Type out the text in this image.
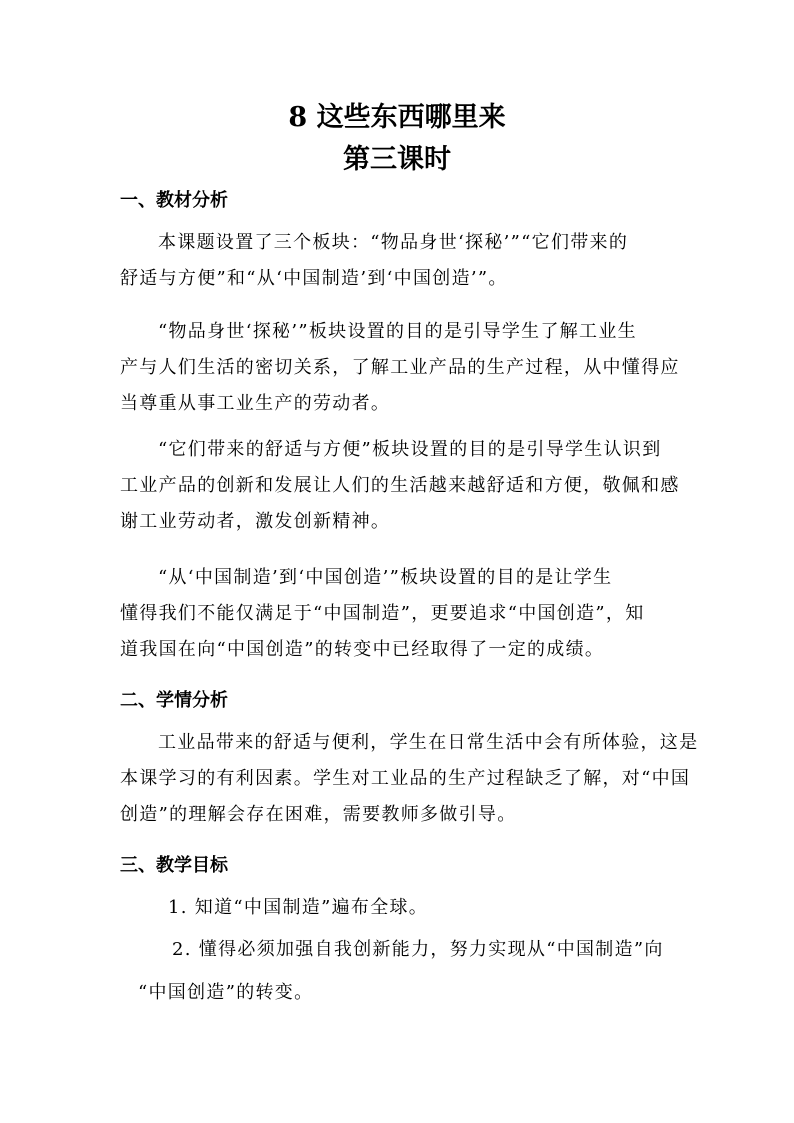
8 这些东西哪里来
第三课时
一、教材分析
本课题设置了三个板块：“物品身世‘探秘’”“它们带来的
舒适与方便”和“从‘中国制造’到‘中国创造’”。
“物品身世‘探秘’”板块设置的目的是引导学生了解工业生
产与人们生活的密切关系，了解工业产品的生产过程，从中懂得应
当尊重从事工业生产的劳动者。
“它们带来的舒适与方便”板块设置的目的是引导学生认识到
工业产品的创新和发展让人们的生活越来越舒适和方便，敬佩和感
谢工业劳动者，激发创新精神。
“从‘中国制造’到‘中国创造’”板块设置的目的是让学生
懂得我们不能仅满足于“中国制造”，更要追求“中国创造”，知
道我国在向“中国创造”的转变中已经取得了一定的成绩。
二、学情分析
工业品带来的舒适与便利，学生在日常生活中会有所体验，这是
本课学习的有利因素。学生对工业品的生产过程缺乏了解，对“中国
创造”的理解会存在困难，需要教师多做引导。
三、教学目标
1. 知道“中国制造”遍布全球。
2. 懂得必须加强自我创新能力，努力实现从“中国制造”向
“中国创造”的转变。
